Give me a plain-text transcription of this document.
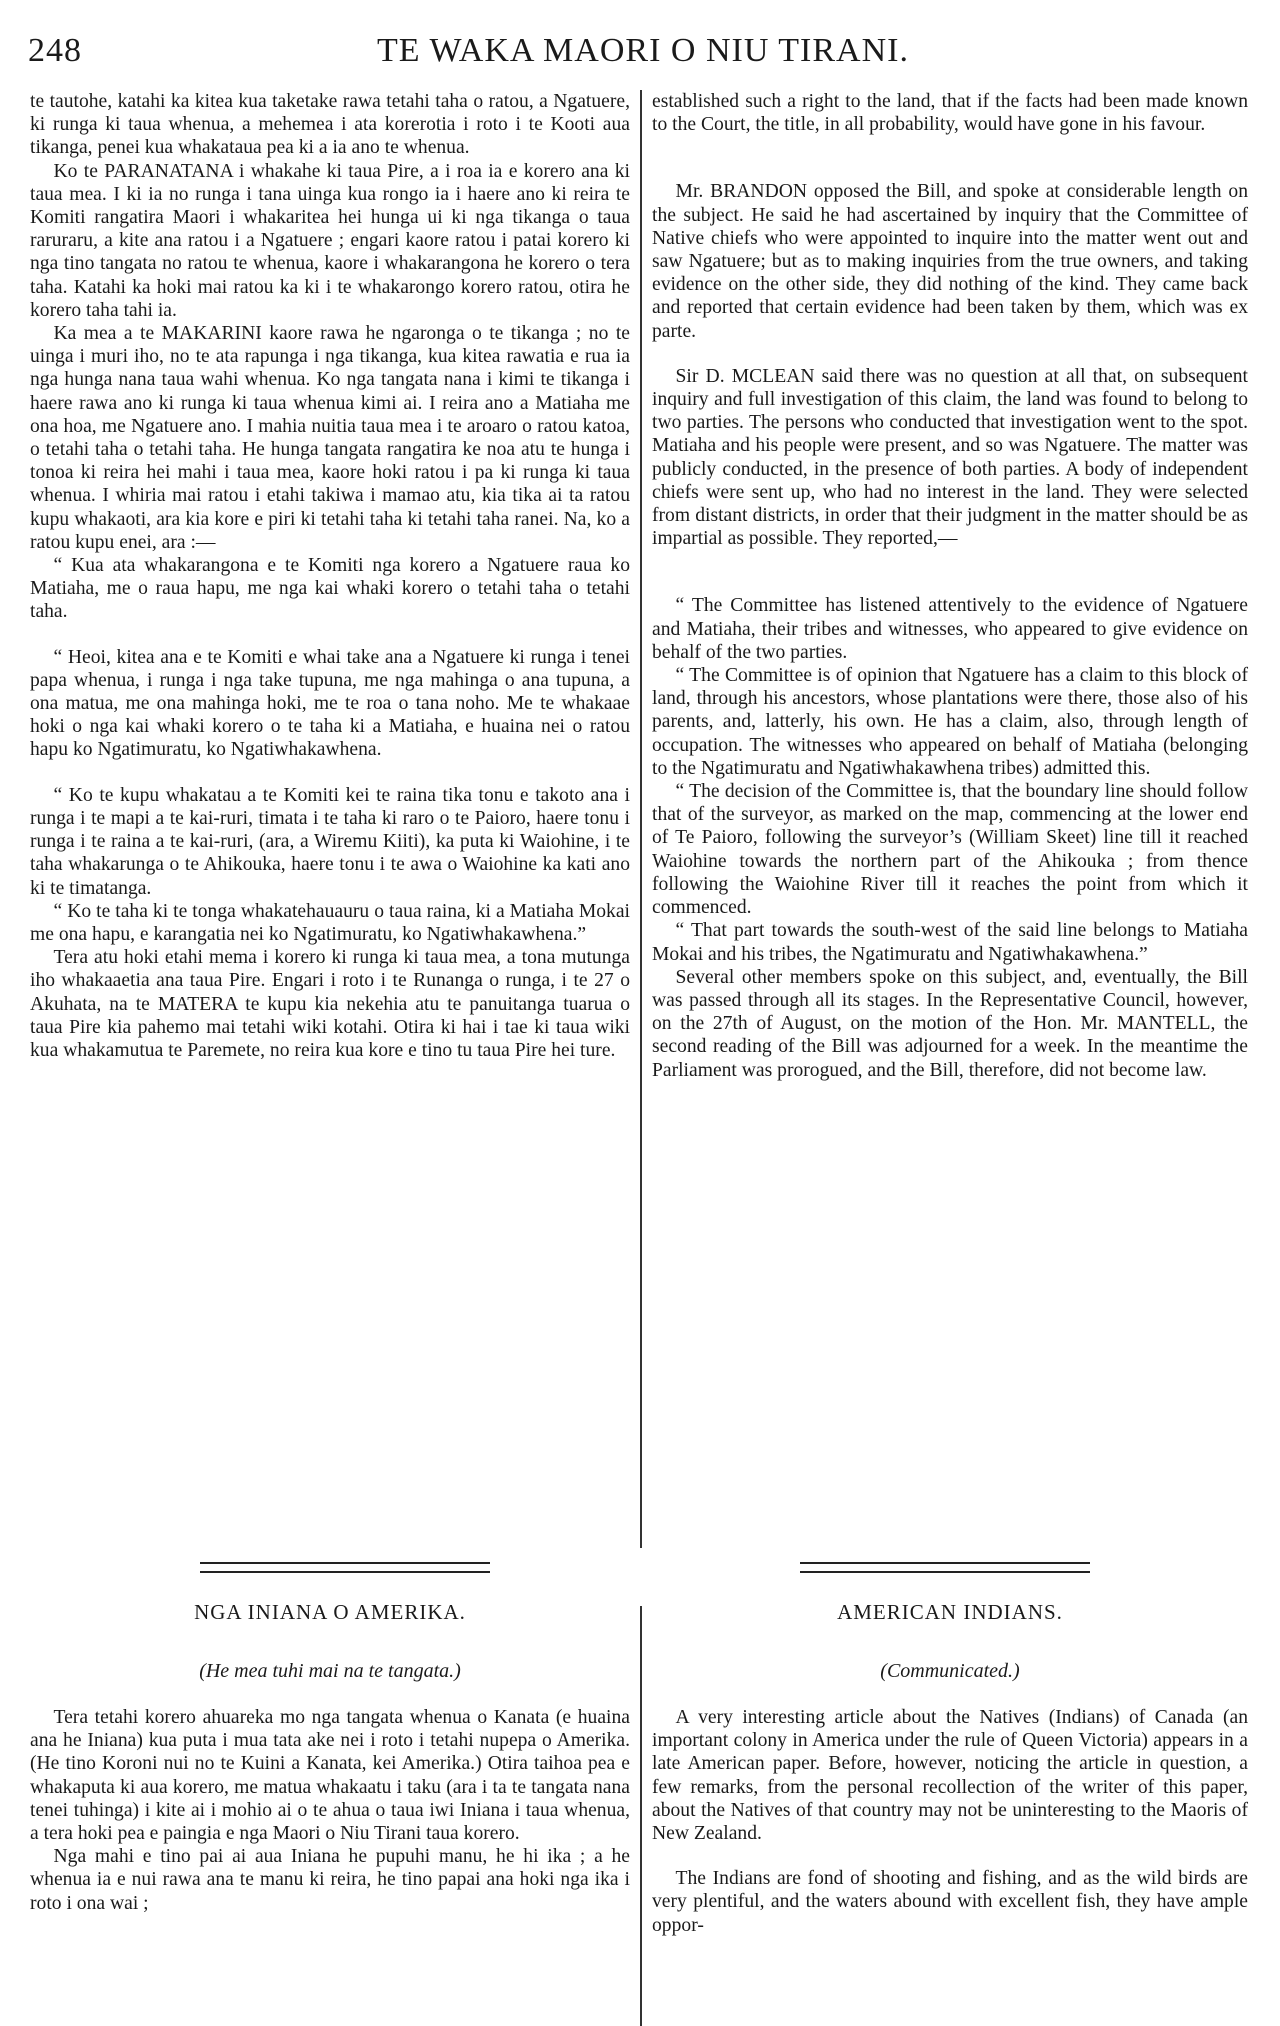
248	TE WAKA MAORI O NIU TIRANI.

te tautohe, katahi ka kitea kua taketake rawa tetahi taha o ratou, a Ngatuere, ki runga ki taua whenua, a mehemea i ata korerotia i roto i te Kooti aua tikanga, penei kua whakataua pea ki a ia ano te whenua.

Ko te PARANATANA i whakahe ki taua Pire, a i roa ia e korero ana ki taua mea. I ki ia no runga i tana uinga kua rongo ia i haere ano ki reira te Komiti rangatira Maori i whakaritea hei hunga ui ki nga tikanga o taua raruraru, a kite ana ratou i a Ngatuere ; engari kaore ratou i patai korero ki nga tino tangata no ratou te whenua, kaore i whakarangona he korero o tera taha. Katahi ka hoki mai ratou ka ki i te whakarongo korero ratou, otira he korero taha tahi ia.

Ka mea a te MAKARINI kaore rawa he ngaronga o te tikanga ; no te uinga i muri iho, no te ata rapunga i nga tikanga, kua kitea rawatia e rua ia nga hunga nana taua wahi whenua. Ko nga tangata nana i kimi te tikanga i haere rawa ano ki runga ki taua whenua kimi ai. I reira ano a Matiaha me ona hoa, me Ngatuere ano. I mahia nuitia taua mea i te aroaro o ratou katoa, o tetahi taha o tetahi taha. He hunga tangata rangatira ke noa atu te hunga i tonoa ki reira hei mahi i taua mea, kaore hoki ratou i pa ki runga ki taua whenua. I whiria mai ratou i etahi takiwa i mamao atu, kia tika ai ta ratou kupu whakaoti, ara kia kore e piri ki tetahi taha ki tetahi taha ranei. Na, ko a ratou kupu enei, ara :—

“ Kua ata whakarangona e te Komiti nga korero a Ngatuere raua ko Matiaha, me o raua hapu, me nga kai whaki korero o tetahi taha o tetahi taha.

“ Heoi, kitea ana e te Komiti e whai take ana a Ngatuere ki runga i tenei papa whenua, i runga i nga take tupuna, me nga mahinga o ana tupuna, a ona matua, me ona mahinga hoki, me te roa o tana noho. Me te whakaae hoki o nga kai whaki korero o te taha ki a Matiaha, e huaina nei o ratou hapu ko Ngatimuratu, ko Ngatiwhakawhena.

“ Ko te kupu whakatau a te Komiti kei te raina tika tonu e takoto ana i runga i te mapi a te kai-ruri, timata i te taha ki raro o te Paioro, haere tonu i runga i te raina a te kai-ruri, (ara, a Wiremu Kiiti), ka puta ki Waiohine, i te taha whakarunga o te Ahikouka, haere tonu i te awa o Waiohine ka kati ano ki te timatanga.

“ Ko te taha ki te tonga whakatehauauru o taua raina, ki a Matiaha Mokai me ona hapu, e karangatia nei ko Ngatimuratu, ko Ngatiwhakawhena.”

Tera atu hoki etahi mema i korero ki runga ki taua mea, a tona mutunga iho whakaaetia ana taua Pire. Engari i roto i te Runanga o runga, i te 27 o Akuhata, na te MATERA te kupu kia nekehia atu te panuitanga tuarua o taua Pire kia pahemo mai tetahi wiki kotahi. Otira ki hai i tae ki taua wiki kua whakamutua te Paremete, no reira kua kore e tino tu taua Pire hei ture.

established such a right to the land, that if the facts had been made known to the Court, the title, in all probability, would have gone in his favour.

Mr. BRANDON opposed the Bill, and spoke at considerable length on the subject. He said he had ascertained by inquiry that the Committee of Native chiefs who were appointed to inquire into the matter went out and saw Ngatuere; but as to making inquiries from the true owners, and taking evidence on the other side, they did nothing of the kind. They came back and reported that certain evidence had been taken by them, which was ex parte.

Sir D. MCLEAN said there was no question at all that, on subsequent inquiry and full investigation of this claim, the land was found to belong to two parties. The persons who conducted that investigation went to the spot. Matiaha and his people were present, and so was Ngatuere. The matter was publicly conducted, in the presence of both parties. A body of independent chiefs were sent up, who had no interest in the land. They were selected from distant districts, in order that their judgment in the matter should be as impartial as possible. They reported,—

“ The Committee has listened attentively to the evidence of Ngatuere and Matiaha, their tribes and witnesses, who appeared to give evidence on behalf of the two parties.

“ The Committee is of opinion that Ngatuere has a claim to this block of land, through his ancestors, whose plantations were there, those also of his parents, and, latterly, his own. He has a claim, also, through length of occupation. The witnesses who appeared on behalf of Matiaha (belonging to the Ngatimuratu and Ngatiwhakawhena tribes) admitted this.

“ The decision of the Committee is, that the boundary line should follow that of the surveyor, as marked on the map, commencing at the lower end of Te Paioro, following the surveyor’s (William Skeet) line till it reached Waiohine towards the northern part of the Ahikouka ; from thence following the Waiohine River till it reaches the point from which it commenced.

“ That part towards the south-west of the said line belongs to Matiaha Mokai and his tribes, the Ngatimuratu and Ngatiwhakawhena.”

Several other members spoke on this subject, and, eventually, the Bill was passed through all its stages. In the Representative Council, however, on the 27th of August, on the motion of the Hon. Mr. MANTELL, the second reading of the Bill was adjourned for a week. In the meantime the Parliament was prorogued, and the Bill, therefore, did not become law.

NGA INIANA O AMERIKA.	AMERICAN INDIANS.
(He mea tuhi mai na te tangata.)	(Communicated.)

Tera tetahi korero ahuareka mo nga tangata whenua o Kanata (e huaina ana he Iniana) kua puta i mua tata ake nei i roto i tetahi nupepa o Amerika. (He tino Koroni nui no te Kuini a Kanata, kei Amerika.) Otira taihoa pea e whakaputa ki aua korero, me matua whakaatu i taku (ara i ta te tangata nana tenei tuhinga) i kite ai i mohio ai o te ahua o taua iwi Iniana i taua whenua, a tera hoki pea e paingia e nga Maori o Niu Tirani taua korero.

Nga mahi e tino pai ai aua Iniana he pupuhi manu, he hi ika ; a he whenua ia e nui rawa ana te manu ki reira, he tino papai ana hoki nga ika i roto i ona wai ;

A very interesting article about the Natives (Indians) of Canada (an important colony in America under the rule of Queen Victoria) appears in a late American paper. Before, however, noticing the article in question, a few remarks, from the personal recollection of the writer of this paper, about the Natives of that country may not be uninteresting to the Maoris of New Zealand.

The Indians are fond of shooting and fishing, and as the wild birds are very plentiful, and the waters abound with excellent fish, they have ample oppor-
